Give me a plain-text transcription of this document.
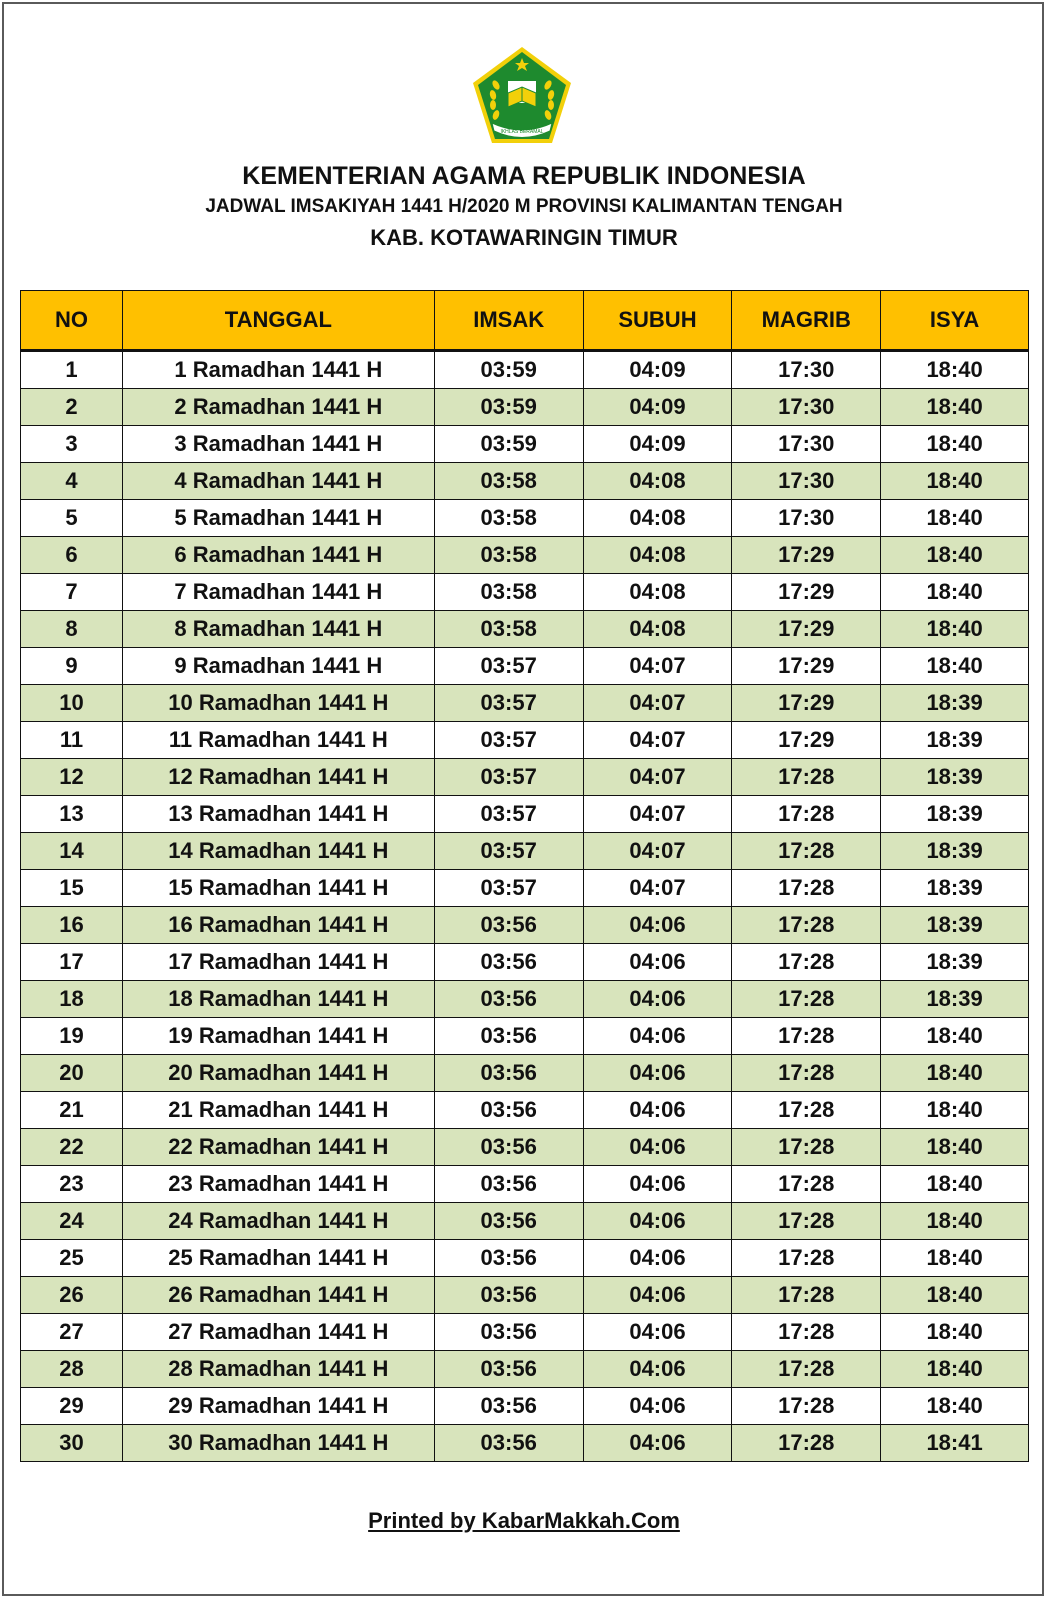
IKHLAS BERAMAL
KEMENTERIAN AGAMA REPUBLIK INDONESIA
JADWAL IMSAKIYAH 1441 H/2020 M PROVINSI KALIMANTAN TENGAH
KAB. KOTAWARINGIN TIMUR
NO	TANGGAL	IMSAK	SUBUH	MAGRIB	ISYA
1	1 Ramadhan 1441 H	03:59	04:09	17:30	18:40
2	2 Ramadhan 1441 H	03:59	04:09	17:30	18:40
3	3 Ramadhan 1441 H	03:59	04:09	17:30	18:40
4	4 Ramadhan 1441 H	03:58	04:08	17:30	18:40
5	5 Ramadhan 1441 H	03:58	04:08	17:30	18:40
6	6 Ramadhan 1441 H	03:58	04:08	17:29	18:40
7	7 Ramadhan 1441 H	03:58	04:08	17:29	18:40
8	8 Ramadhan 1441 H	03:58	04:08	17:29	18:40
9	9 Ramadhan 1441 H	03:57	04:07	17:29	18:40
10	10 Ramadhan 1441 H	03:57	04:07	17:29	18:39
11	11 Ramadhan 1441 H	03:57	04:07	17:29	18:39
12	12 Ramadhan 1441 H	03:57	04:07	17:28	18:39
13	13 Ramadhan 1441 H	03:57	04:07	17:28	18:39
14	14 Ramadhan 1441 H	03:57	04:07	17:28	18:39
15	15 Ramadhan 1441 H	03:57	04:07	17:28	18:39
16	16 Ramadhan 1441 H	03:56	04:06	17:28	18:39
17	17 Ramadhan 1441 H	03:56	04:06	17:28	18:39
18	18 Ramadhan 1441 H	03:56	04:06	17:28	18:39
19	19 Ramadhan 1441 H	03:56	04:06	17:28	18:40
20	20 Ramadhan 1441 H	03:56	04:06	17:28	18:40
21	21 Ramadhan 1441 H	03:56	04:06	17:28	18:40
22	22 Ramadhan 1441 H	03:56	04:06	17:28	18:40
23	23 Ramadhan 1441 H	03:56	04:06	17:28	18:40
24	24 Ramadhan 1441 H	03:56	04:06	17:28	18:40
25	25 Ramadhan 1441 H	03:56	04:06	17:28	18:40
26	26 Ramadhan 1441 H	03:56	04:06	17:28	18:40
27	27 Ramadhan 1441 H	03:56	04:06	17:28	18:40
28	28 Ramadhan 1441 H	03:56	04:06	17:28	18:40
29	29 Ramadhan 1441 H	03:56	04:06	17:28	18:40
30	30 Ramadhan 1441 H	03:56	04:06	17:28	18:41
Printed by KabarMakkah.Com
